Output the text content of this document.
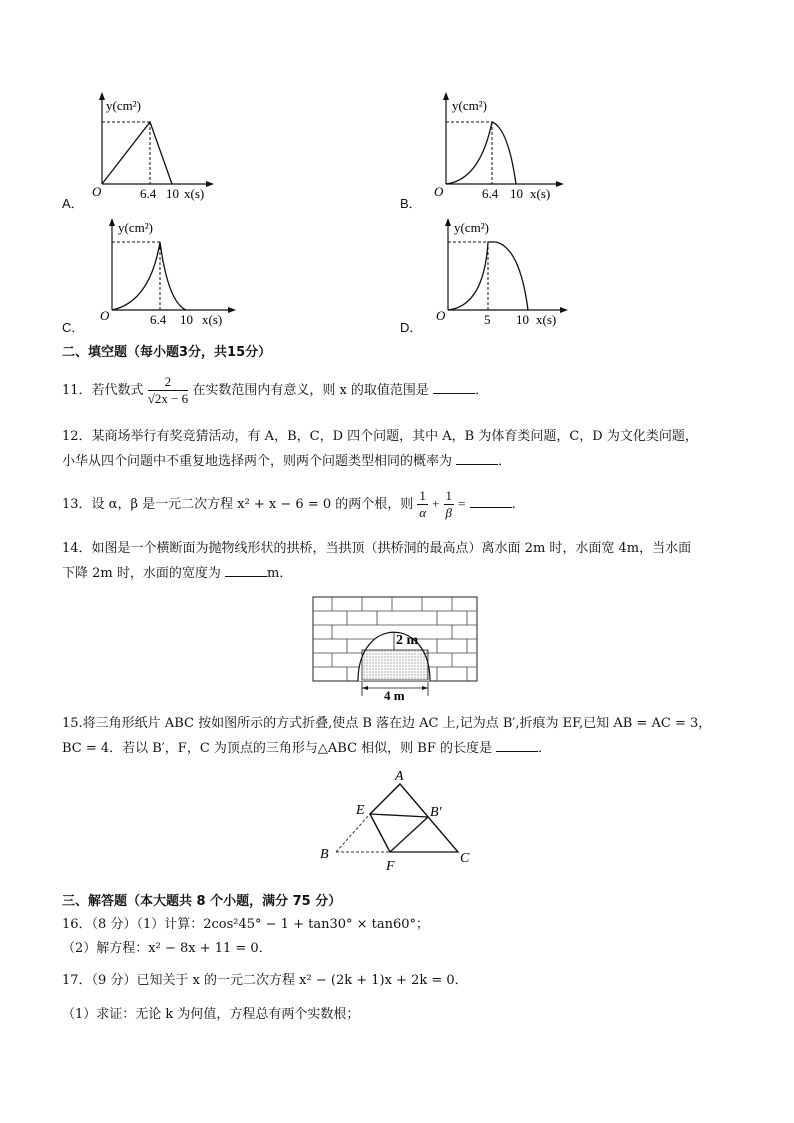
y(cm²)
O	6.4 10 x(s)
A．
y(cm²)
O	6.4 10 x(s)
B．
y(cm²)
O	6.4 10 x(s)
C．
y(cm²)
O	5 10 x(s)
D．
二、填空题（每小题3分，共15分）
11．若代数式 $\frac{2}{√2x - 6}$ 在实数范围内有意义，则 x 的取值范围是	．
12．某商场举行有奖竞猜活动，有 A，B，C，D 四个问题，其中 A，B 为体育类问题，C，D 为文化类问题，
小华从四个问题中不重复地选择两个，则两个问题类型相同的概率为	．
13．设 α，β 是一元二次方程 x² + x − 6 = 0 的两个根，则 $\frac{1}{\alpha} + \frac{1}{\beta}$ =	．
14．如图是一个横断面为抛物线形状的拱桥，当拱顶（拱桥洞的最高点）离水面 2m 时，水面宽 4m，当水面
下降 2m 时，水面的宽度为	m．
2 m
4 m
15.将三角形纸片 ABC 按如图所示的方式折叠,使点 B 落在边 AC 上,记为点 B′,折痕为 EF,已知 AB = AC = 3，
BC = 4．若以 B′，F，C 为顶点的三角形与△ABC 相似，则 BF 的长度是	．
A
E	B′
B
F
C
三、解答题（本大题共 8 个小题，满分 75 分）
16．（8 分）（1）计算：2cos²45° − 1 + tan30° × tan60°；
（2）解方程：x² − 8x + 11 = 0．
17．（9 分）已知关于 x 的一元二次方程 x² − (2k + 1)x + 2k = 0．
（1）求证：无论 k 为何值，方程总有两个实数根；
